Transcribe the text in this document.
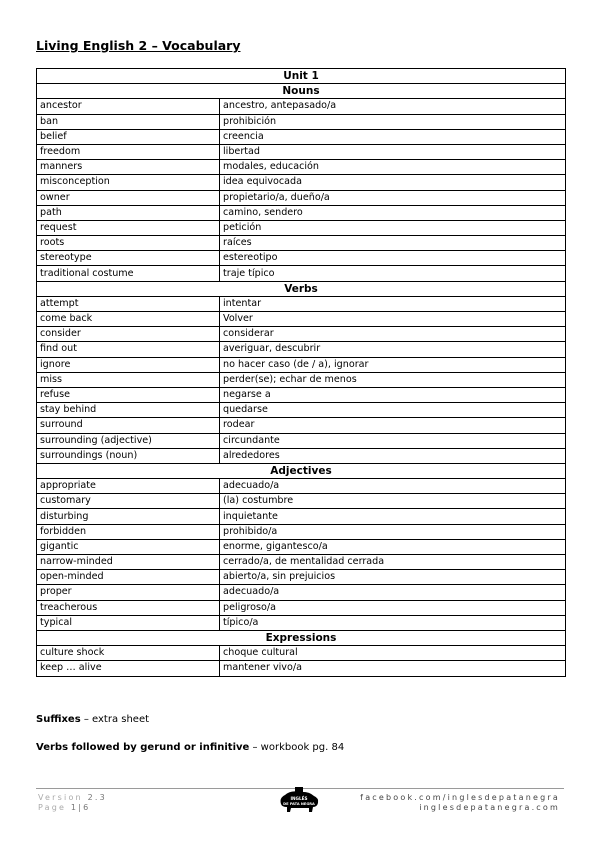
Living English 2 – Vocabulary
Unit 1	
Nouns	
ancestor	ancestro, antepasado/a
ban	prohibición
belief	creencia
freedom	libertad
manners	modales, educación
misconception	idea equivocada
owner	propietario/a, dueño/a
path	camino, sendero
request	petición
roots	raíces
stereotype	estereotipo
traditional costume	traje típico
Verbs	
attempt	intentar
come back	Volver
consider	considerar
find out	averiguar, descubrir
ignore	no hacer caso (de / a), ignorar
miss	perder(se); echar de menos
refuse	negarse a
stay behind	quedarse
surround	rodear
surrounding (adjective)	circundante
surroundings (noun)	alrededores
Adjectives	
appropriate	adecuado/a
customary	(la) costumbre
disturbing	inquietante
forbidden	prohibido/a
gigantic	enorme, gigantesco/a
narrow-minded	cerrado/a, de mentalidad cerrada
open-minded	abierto/a, sin prejuicios
proper	adecuado/a
treacherous	peligroso/a
typical	típico/a
Expressions	
culture shock	choque cultural
keep … alive	mantener vivo/a
Suffixes – extra sheet
Verbs followed by gerund or infinitive – workbook pg. 84
Version 2.3
Page 1|6
INGLÉS
DE PATA NEGRA
facebook.com/inglesdepatanegra
inglesdepatanegra.com
